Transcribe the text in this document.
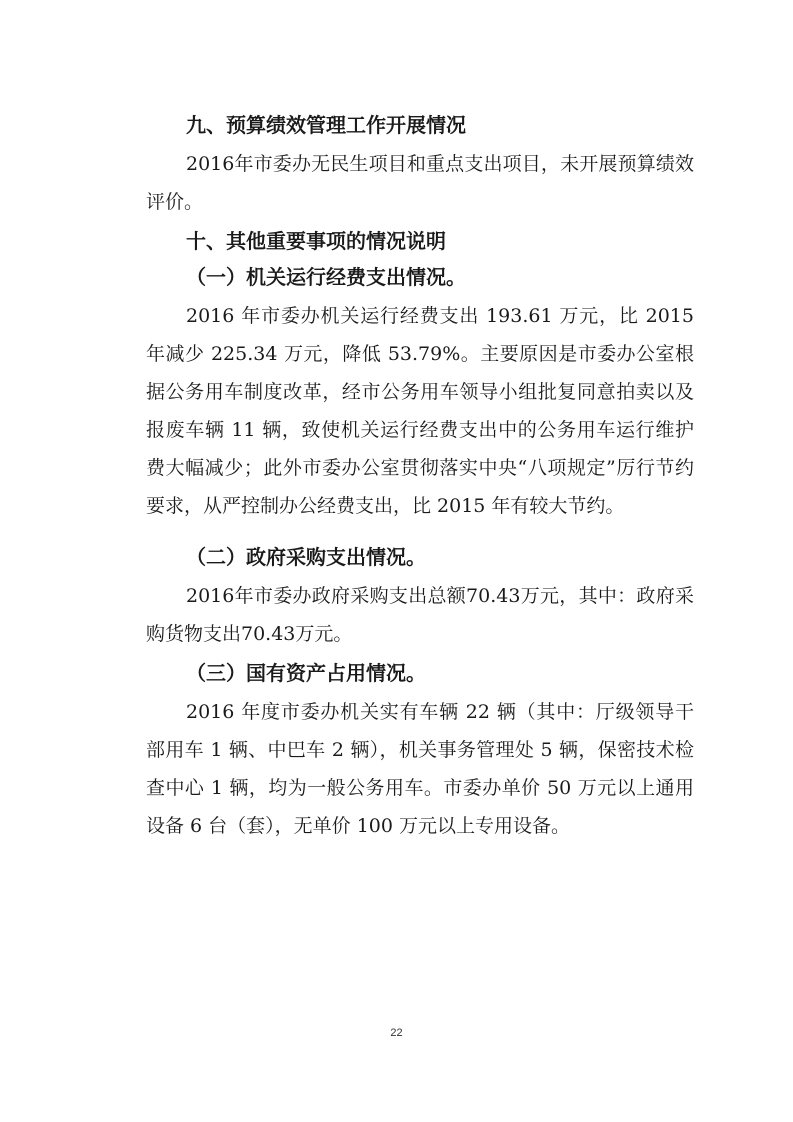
九、预算绩效管理工作开展情况

2016年市委办无民生项目和重点支出项目，未开展预算绩效评价。

十、其他重要事项的情况说明
（一）机关运行经费支出情况。

2016 年市委办机关运行经费支出 193.61 万元，比 2015 年减少 225.34 万元，降低 53.79%。主要原因是市委办公室根据公务用车制度改革，经市公务用车领导小组批复同意拍卖以及报废车辆 11 辆，致使机关运行经费支出中的公务用车运行维护费大幅减少；此外市委办公室贯彻落实中央“八项规定”厉行节约要求，从严控制办公经费支出，比 2015 年有较大节约。

（二）政府采购支出情况。

2016年市委办政府采购支出总额70.43万元，其中：政府采购货物支出70.43万元。

（三）国有资产占用情况。

2016 年度市委办机关实有车辆 22 辆（其中：厅级领导干部用车 1 辆、中巴车 2 辆），机关事务管理处 5 辆，保密技术检查中心 1 辆，均为一般公务用车。市委办单价 50 万元以上通用设备 6 台（套），无单价 100 万元以上专用设备。

22
